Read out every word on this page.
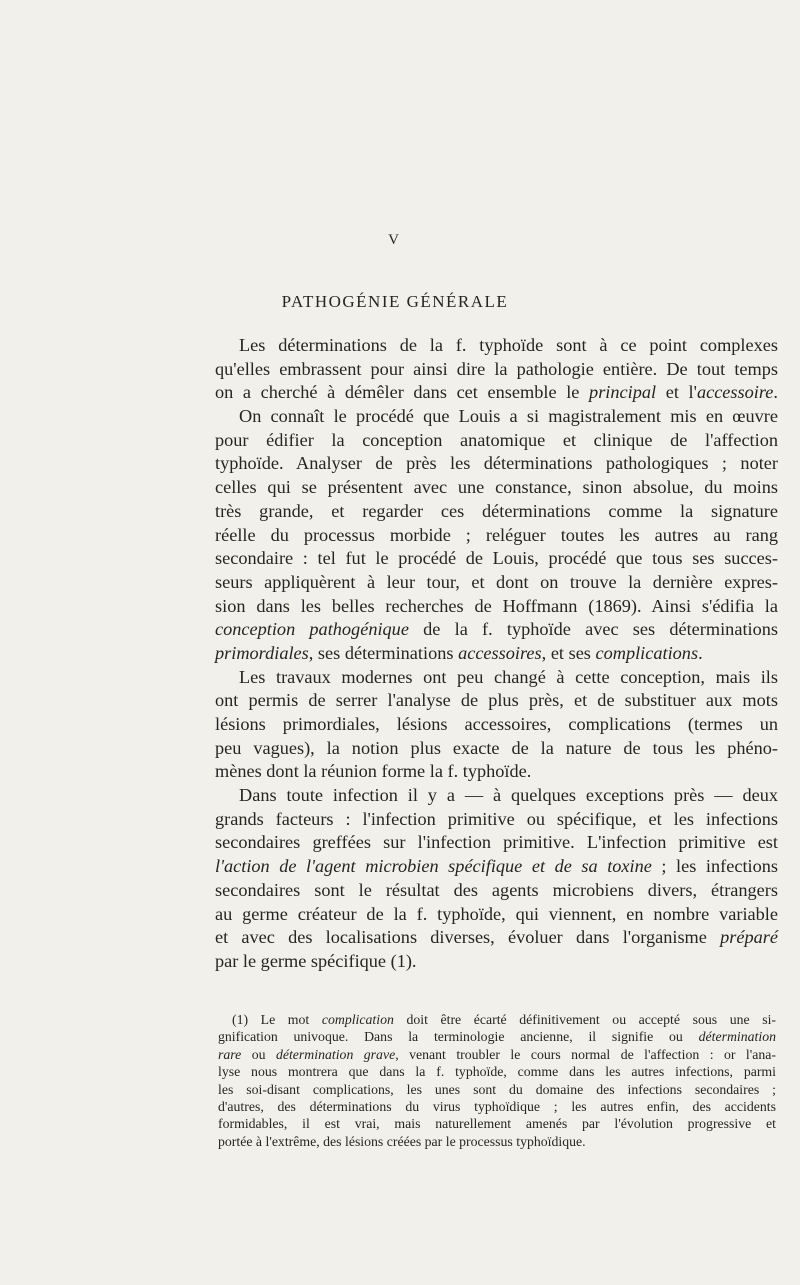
V
PATHOGÉNIE GÉNÉRALE
Les déterminations de la f. typhoïde sont à ce point complexes
qu'elles embrassent pour ainsi dire la pathologie entière. De tout temps
on a cherché à démêler dans cet ensemble le principal et l'accessoire.
On connaît le procédé que Louis a si magistralement mis en œuvre
pour édifier la conception anatomique et clinique de l'affection
typhoïde. Analyser de près les déterminations pathologiques ; noter
celles qui se présentent avec une constance, sinon absolue, du moins
très grande, et regarder ces déterminations comme la signature
réelle du processus morbide ; reléguer toutes les autres au rang
secondaire : tel fut le procédé de Louis, procédé que tous ses succes-
seurs appliquèrent à leur tour, et dont on trouve la dernière expres-
sion dans les belles recherches de Hoffmann (1869). Ainsi s'édifia la
conception pathogénique de la f. typhoïde avec ses déterminations
primordiales, ses déterminations accessoires, et ses complications.
Les travaux modernes ont peu changé à cette conception, mais ils
ont permis de serrer l'analyse de plus près, et de substituer aux mots
lésions primordiales, lésions accessoires, complications (termes un
peu vagues), la notion plus exacte de la nature de tous les phéno-
mènes dont la réunion forme la f. typhoïde.
Dans toute infection il y a — à quelques exceptions près — deux
grands facteurs : l'infection primitive ou spécifique, et les infections
secondaires greffées sur l'infection primitive. L'infection primitive est
l'action de l'agent microbien spécifique et de sa toxine ; les infections
secondaires sont le résultat des agents microbiens divers, étrangers
au germe créateur de la f. typhoïde, qui viennent, en nombre variable
et avec des localisations diverses, évoluer dans l'organisme préparé
par le germe spécifique (1).
(1) Le mot complication doit être écarté définitivement ou accepté sous une si-
gnification univoque. Dans la terminologie ancienne, il signifie ou détermination
rare ou détermination grave, venant troubler le cours normal de l'affection : or l'ana-
lyse nous montrera que dans la f. typhoïde, comme dans les autres infections, parmi
les soi-disant complications, les unes sont du domaine des infections secondaires ;
d'autres, des déterminations du virus typhoïdique ; les autres enfin, des accidents
formidables, il est vrai, mais naturellement amenés par l'évolution progressive et
portée à l'extrême, des lésions créées par le processus typhoïdique.
